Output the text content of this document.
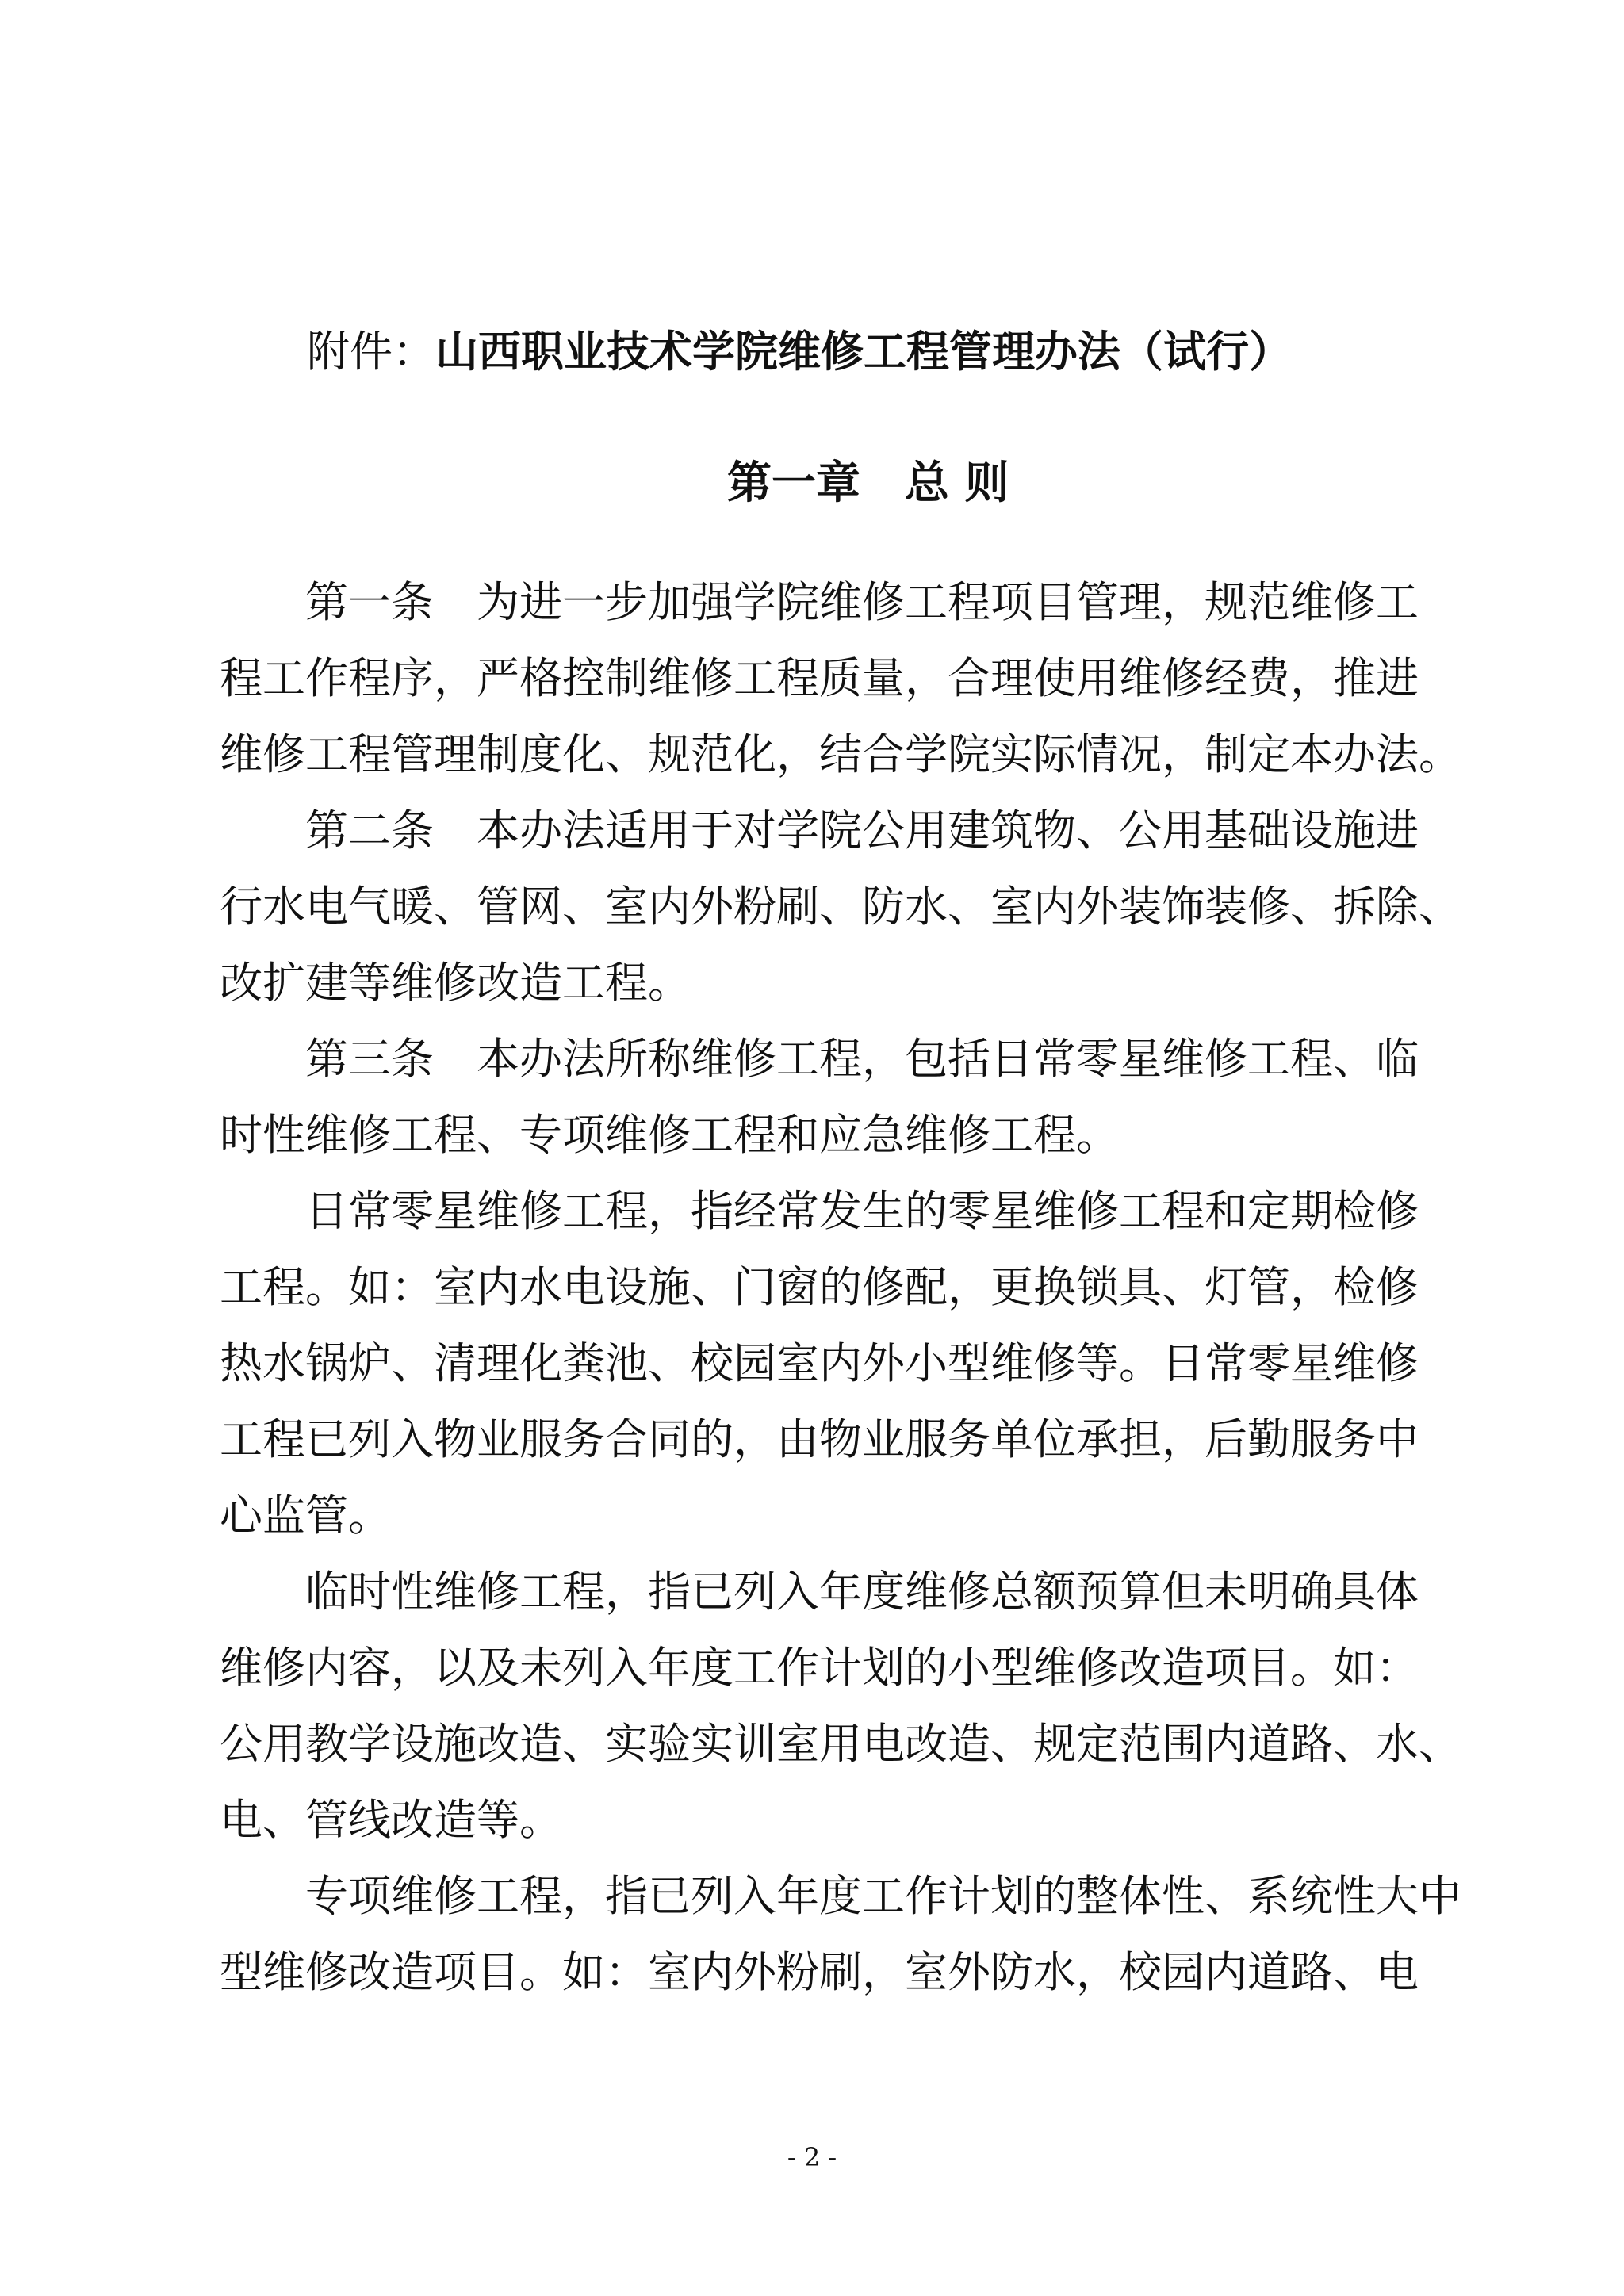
附件：山西职业技术学院维修工程管理办法（试行）
第一章　总 则
第一条　为进一步加强学院维修工程项目管理，规范维修工
程工作程序，严格控制维修工程质量，合理使用维修经费，推进
维修工程管理制度化、规范化，结合学院实际情况，制定本办法。
第二条　本办法适用于对学院公用建筑物、公用基础设施进
行水电气暖、管网、室内外粉刷、防水、室内外装饰装修、拆除、
改扩建等维修改造工程。
第三条　本办法所称维修工程，包括日常零星维修工程、临
时性维修工程、专项维修工程和应急维修工程。
日常零星维修工程，指经常发生的零星维修工程和定期检修
工程。如：室内水电设施、门窗的修配，更换锁具、灯管，检修
热水锅炉、清理化粪池、校园室内外小型维修等。日常零星维修
工程已列入物业服务合同的，由物业服务单位承担，后勤服务中
心监管。
临时性维修工程，指已列入年度维修总额预算但未明确具体
维修内容，以及未列入年度工作计划的小型维修改造项目。如：
公用教学设施改造、实验实训室用电改造、规定范围内道路、水、
电、管线改造等。
专项维修工程，指已列入年度工作计划的整体性、系统性大中
型维修改造项目。如：室内外粉刷，室外防水，校园内道路、电
- 2 -
